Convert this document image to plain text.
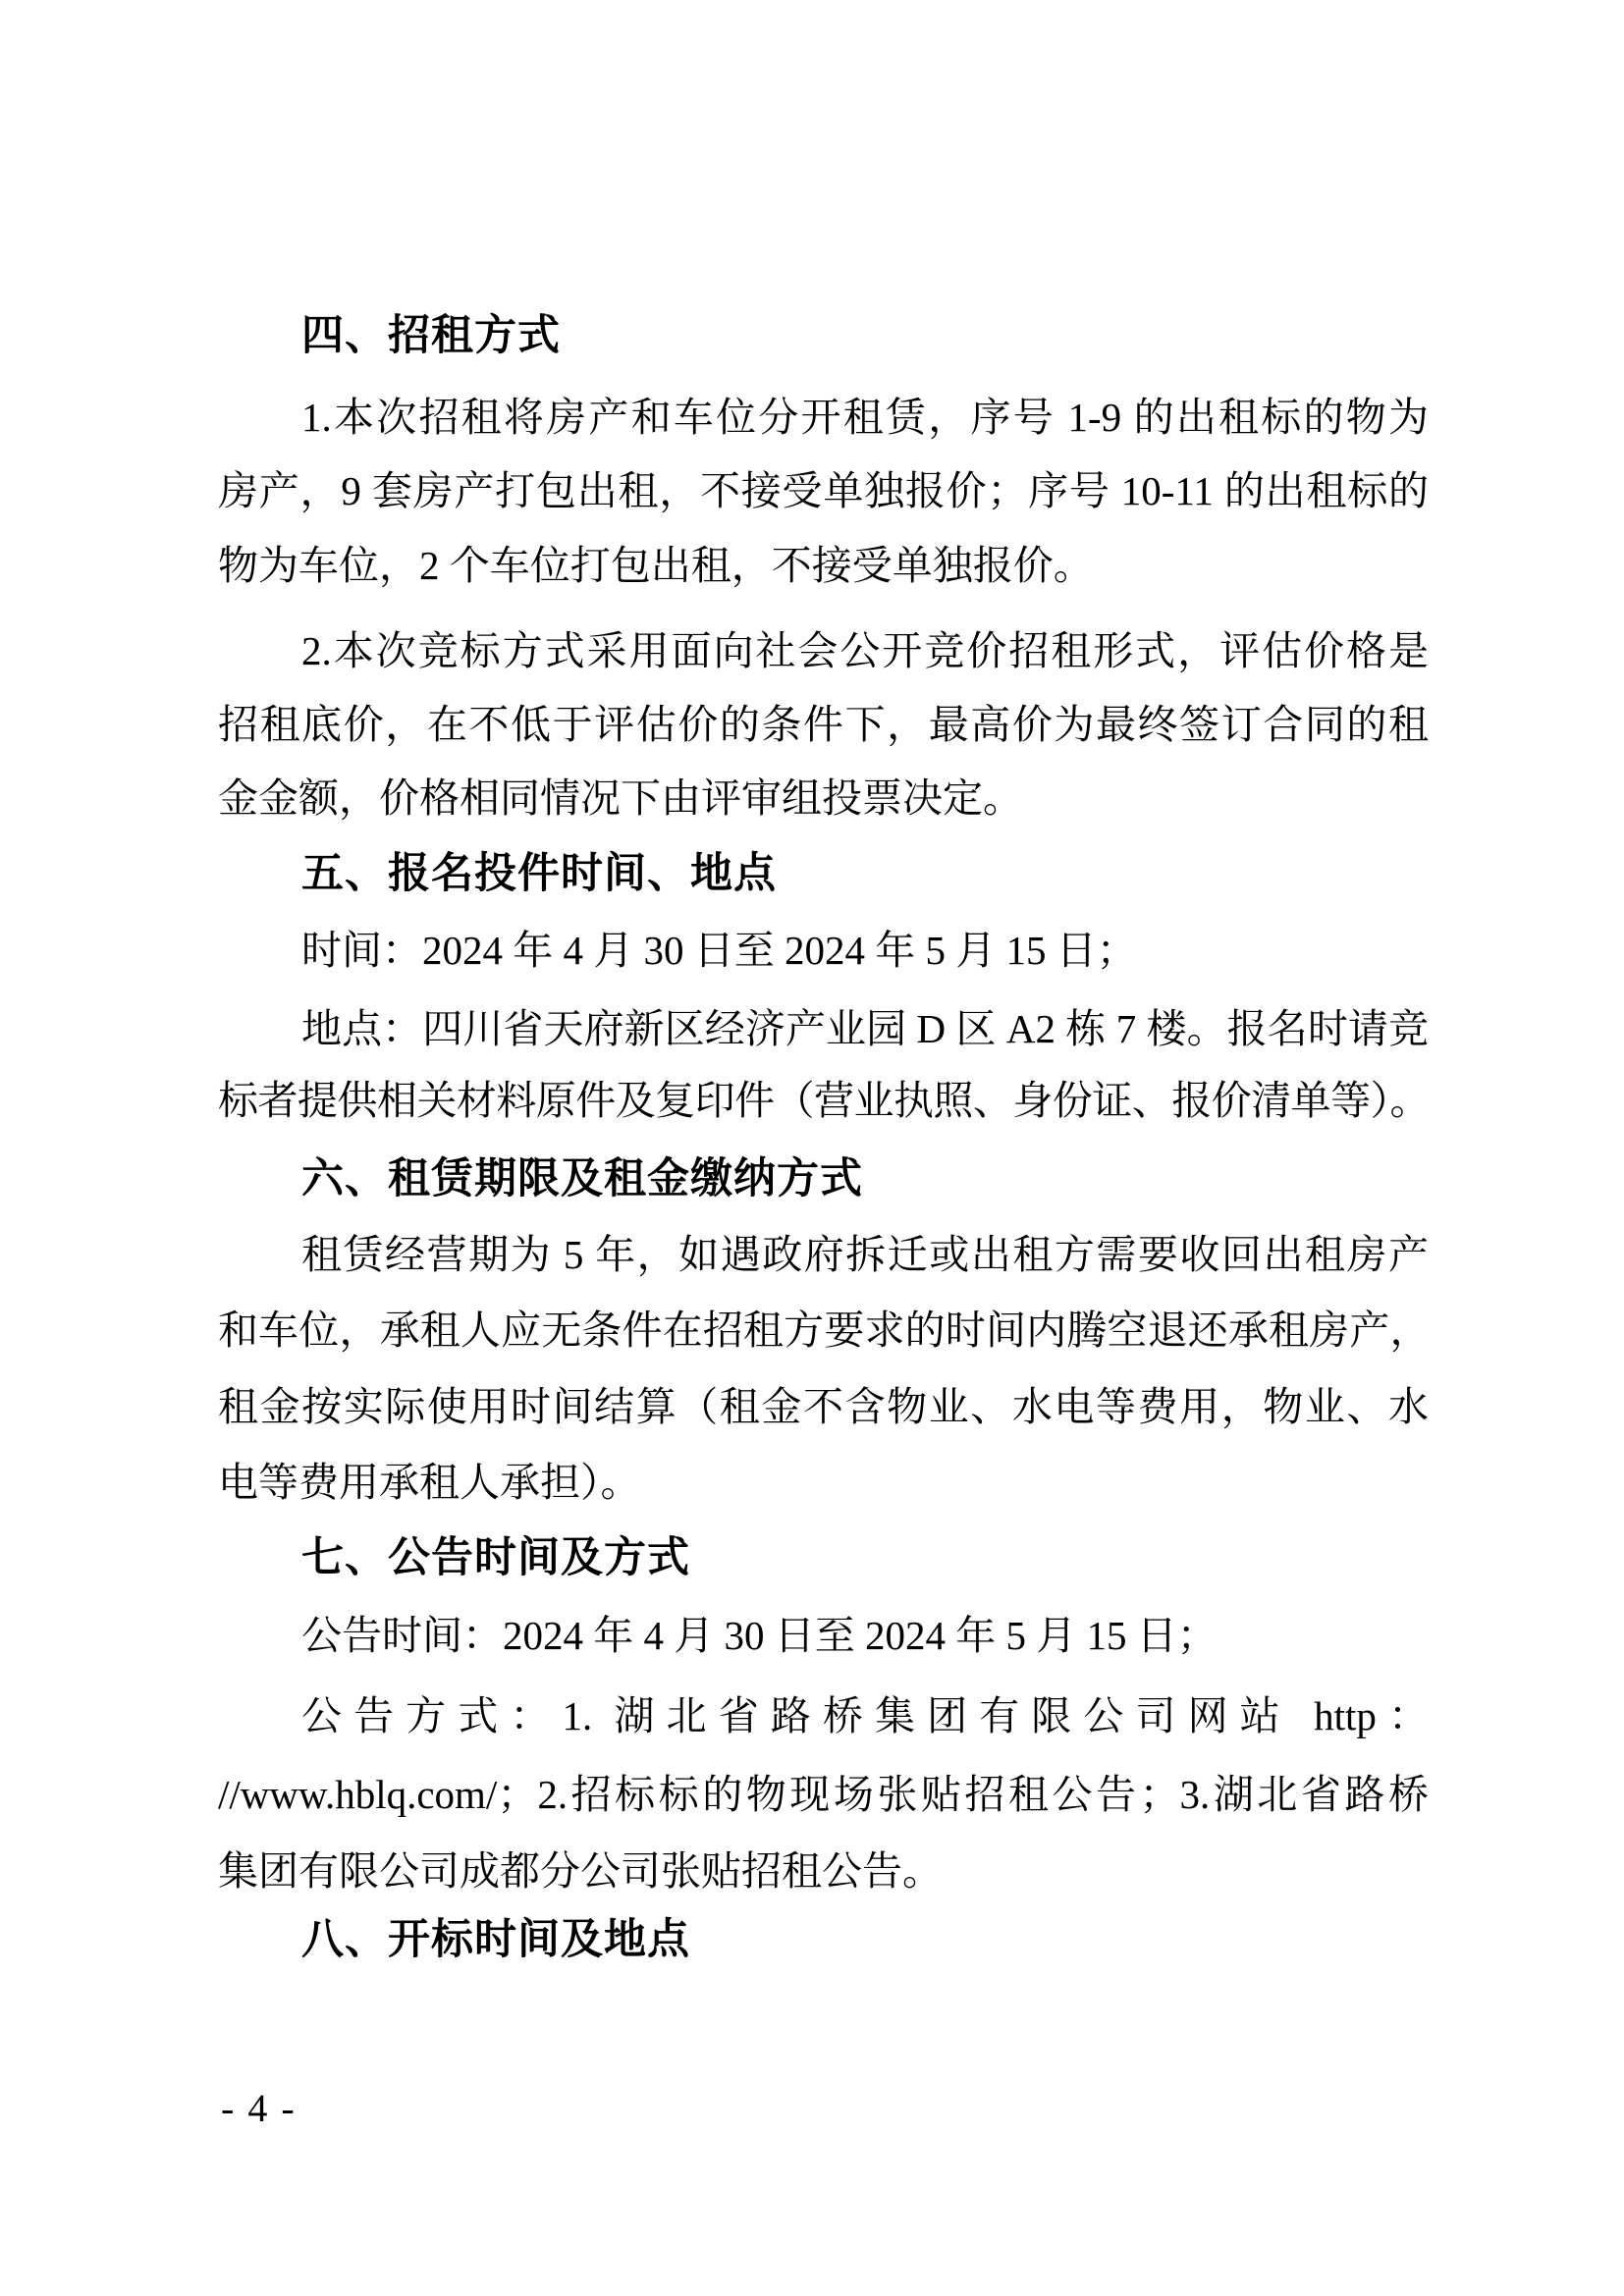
四、招租方式
1.本次招租将房产和车位分开租赁，序号 1-9 的出租标的物为
房产，9 套房产打包出租，不接受单独报价；序号 10-11 的出租标的
物为车位，2 个车位打包出租，不接受单独报价。
2.本次竞标方式采用面向社会公开竞价招租形式，评估价格是
招租底价，在不低于评估价的条件下，最高价为最终签订合同的租
金金额，价格相同情况下由评审组投票决定。
五、报名投件时间、地点
时间：2024 年 4 月 30 日至 2024 年 5 月 15 日；
地点：四川省天府新区经济产业园 D 区 A2 栋 7 楼。报名时请竞
标者提供相关材料原件及复印件（营业执照、身份证、报价清单等）。
六、租赁期限及租金缴纳方式
租赁经营期为 5 年，如遇政府拆迁或出租方需要收回出租房产
和车位，承租人应无条件在招租方要求的时间内腾空退还承租房产，
租金按实际使用时间结算（租金不含物业、水电等费用，物业、水
电等费用承租人承担）。
七、公告时间及方式
公告时间：2024 年 4 月 30 日至 2024 年 5 月 15 日；
公告方式：1. 湖北省路桥集团有限公司网站 http：
//www.hblq.com/；2.招标标的物现场张贴招租公告；3.湖北省路桥
集团有限公司成都分公司张贴招租公告。
八、开标时间及地点
- 4 -
